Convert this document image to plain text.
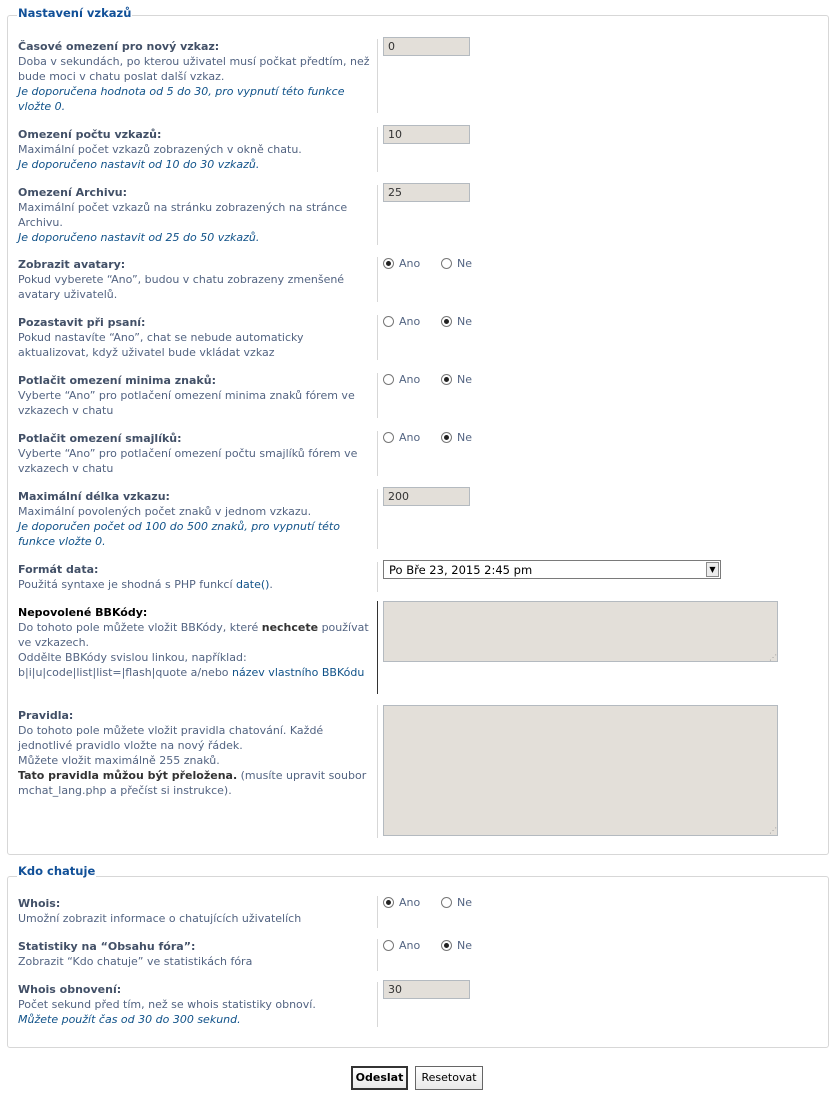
Časové omezení pro nový vzkaz:
Doba v sekundách, po kterou uživatel musí počkat předtím, než bude moci v chatu poslat další vzkaz.
Je doporučena hodnota od 5 do 30, pro vypnutí této funkce vložte 0.
0
Omezení počtu vzkazů:
Maximální počet vzkazů zobrazených v okně chatu.
Je doporučeno nastavit od 10 do 30 vzkazů.
10
Omezení Archivu:
Maximální počet vzkazů na stránku zobrazených na stránce Archivu.
Je doporučeno nastavit od 25 do 50 vzkazů.
25
Zobrazit avatary:
Pokud vyberete “Ano”, budou v chatu zobrazeny zmenšené avatary uživatelů.
Ano	Ne
Pozastavit při psaní:
Pokud nastavíte “Ano”, chat se nebude automaticky aktualizovat, když uživatel bude vkládat vzkaz
Ano	Ne
Potlačit omezení minima znaků:
Vyberte “Ano” pro potlačení omezení minima znaků fórem ve vzkazech v chatu
Ano	Ne
Potlačit omezení smajlíků:
Vyberte “Ano” pro potlačení omezení počtu smajlíků fórem ve vzkazech v chatu
Ano	Ne
Maximální délka vzkazu:
Maximální povolených počet znaků v jednom vzkazu.
Je doporučen počet od 100 do 500 znaků, pro vypnutí této funkce vložte 0.
200
Formát data:
Použitá syntaxe je shodná s PHP funkcí date().
Po Bře 23, 2015 2:45 pm	▼
Nepovolené BBKódy:
Do tohoto pole můžete vložit BBKódy, které nechcete používat ve vzkazech.
Oddělte BBKódy svislou linkou, například:
b|i|u|code|list|list=|flash|quote a/nebo název vlastního BBKódu
⋰
Pravidla:
Do tohoto pole můžete vložit pravidla chatování. Každé jednotlivé pravidlo vložte na nový řádek.
Můžete vložit maximálně 255 znaků.
Tato pravidla můžou být přeložena. (musíte upravit soubor mchat_lang.php a přečíst si instrukce).
⋰
Nastavení vzkazů
Whois:
Umožní zobrazit informace o chatujících uživatelích
Ano	Ne
Statistiky na “Obsahu fóra”:
Zobrazit “Kdo chatuje” ve statistikách fóra
Ano	Ne
Whois obnovení:
Počet sekund před tím, než se whois statistiky obnoví.
Můžete použít čas od 30 do 300 sekund.
30
Kdo chatuje
Odeslat	Resetovat
